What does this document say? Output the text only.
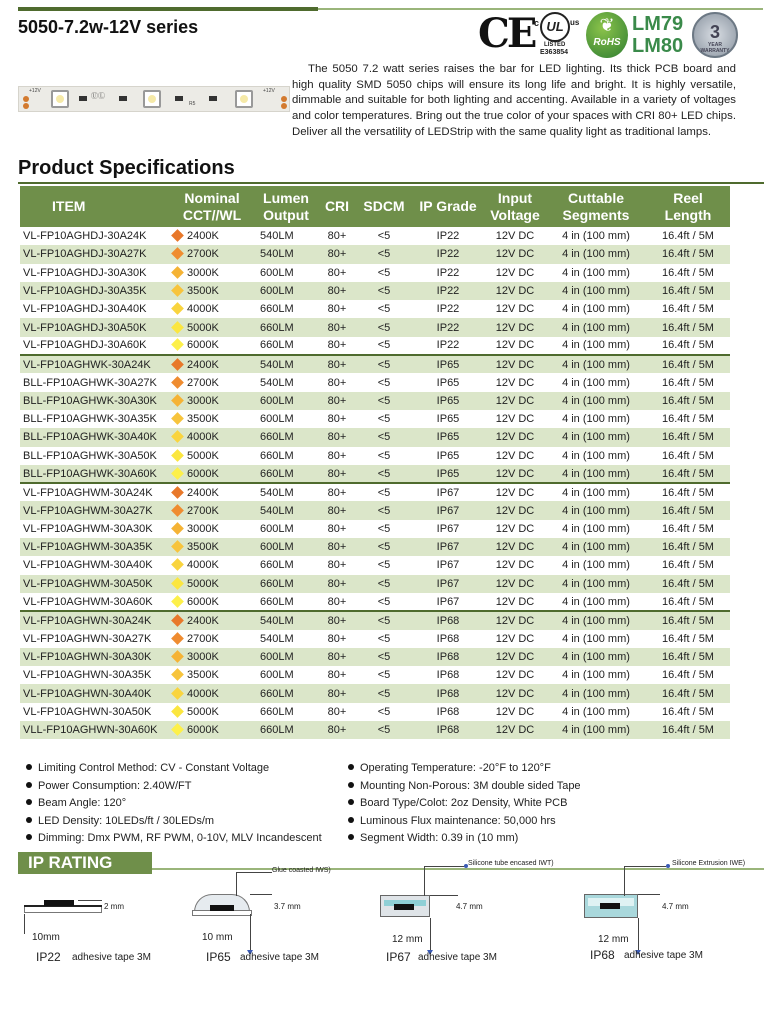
5050-7.2w-12V series	CE c UL us
LISTED
E363854
❦
RoHS
LM79
LM80
3
YEAR WARRANTY
+12V
ⓊⓁ
R5
+12V
The 5050 7.2 watt series raises the bar for LED lighting. Its thick PCB board and high quality SMD 5050 chips will ensure its long life and bright. It is highly versatile, dimmable and suitable for both lighting and accenting. Available in a variety of voltages and color temperatures. Bring out the true color of your spaces with CRI 80+ LED chips. Deliver all the versatility of LEDStrip with the same quality light as traditional lamps.
Product Specifications
ITEM	Nominal
CCT//WL	Lumen
Output	CRI	SDCM	IP Grade	Input
Voltage	Cuttable
Segments	Reel
Length
VL-FP10AGHDJ-30A24K	2400K	540LM	80+	<5	IP22	12V DC	4 in (100 mm)	16.4ft / 5M
VL-FP10AGHDJ-30A27K	2700K	540LM	80+	<5	IP22	12V DC	4 in (100 mm)	16.4ft / 5M
VL-FP10AGHDJ-30A30K	3000K	600LM	80+	<5	IP22	12V DC	4 in (100 mm)	16.4ft / 5M
VL-FP10AGHDJ-30A35K	3500K	600LM	80+	<5	IP22	12V DC	4 in (100 mm)	16.4ft / 5M
VL-FP10AGHDJ-30A40K	4000K	660LM	80+	<5	IP22	12V DC	4 in (100 mm)	16.4ft / 5M
VL-FP10AGHDJ-30A50K	5000K	660LM	80+	<5	IP22	12V DC	4 in (100 mm)	16.4ft / 5M
VL-FP10AGHDJ-30A60K	6000K	660LM	80+	<5	IP22	12V DC	4 in (100 mm)	16.4ft / 5M
VL-FP10AGHWK-30A24K	2400K	540LM	80+	<5	IP65	12V DC	4 in (100 mm)	16.4ft / 5M
BLL-FP10AGHWK-30A27K	2700K	540LM	80+	<5	IP65	12V DC	4 in (100 mm)	16.4ft / 5M
BLL-FP10AGHWK-30A30K	3000K	600LM	80+	<5	IP65	12V DC	4 in (100 mm)	16.4ft / 5M
BLL-FP10AGHWK-30A35K	3500K	600LM	80+	<5	IP65	12V DC	4 in (100 mm)	16.4ft / 5M
BLL-FP10AGHWK-30A40K	4000K	660LM	80+	<5	IP65	12V DC	4 in (100 mm)	16.4ft / 5M
BLL-FP10AGHWK-30A50K	5000K	660LM	80+	<5	IP65	12V DC	4 in (100 mm)	16.4ft / 5M
BLL-FP10AGHWK-30A60K	6000K	660LM	80+	<5	IP65	12V DC	4 in (100 mm)	16.4ft / 5M
VL-FP10AGHWM-30A24K	2400K	540LM	80+	<5	IP67	12V DC	4 in (100 mm)	16.4ft / 5M
VL-FP10AGHWM-30A27K	2700K	540LM	80+	<5	IP67	12V DC	4 in (100 mm)	16.4ft / 5M
VL-FP10AGHWM-30A30K	3000K	600LM	80+	<5	IP67	12V DC	4 in (100 mm)	16.4ft / 5M
VL-FP10AGHWM-30A35K	3500K	600LM	80+	<5	IP67	12V DC	4 in (100 mm)	16.4ft / 5M
VL-FP10AGHWM-30A40K	4000K	660LM	80+	<5	IP67	12V DC	4 in (100 mm)	16.4ft / 5M
VL-FP10AGHWM-30A50K	5000K	660LM	80+	<5	IP67	12V DC	4 in (100 mm)	16.4ft / 5M
VL-FP10AGHWM-30A60K	6000K	660LM	80+	<5	IP67	12V DC	4 in (100 mm)	16.4ft / 5M
VL-FP10AGHWN-30A24K	2400K	540LM	80+	<5	IP68	12V DC	4 in (100 mm)	16.4ft / 5M
VL-FP10AGHWN-30A27K	2700K	540LM	80+	<5	IP68	12V DC	4 in (100 mm)	16.4ft / 5M
VL-FP10AGHWN-30A30K	3000K	600LM	80+	<5	IP68	12V DC	4 in (100 mm)	16.4ft / 5M
VL-FP10AGHWN-30A35K	3500K	600LM	80+	<5	IP68	12V DC	4 in (100 mm)	16.4ft / 5M
VL-FP10AGHWN-30A40K	4000K	660LM	80+	<5	IP68	12V DC	4 in (100 mm)	16.4ft / 5M
VL-FP10AGHWN-30A50K	5000K	660LM	80+	<5	IP68	12V DC	4 in (100 mm)	16.4ft / 5M
VLL-FP10AGHWN-30A60K	6000K	660LM	80+	<5	IP68	12V DC	4 in (100 mm)	16.4ft / 5M
Limiting Control Method: CV - Constant Voltage
Power Consumption: 2.40W/FT
Beam Angle: 120°
LED Density: 10LEDs/ft / 30LEDs/m
Dimming: Dmx PWM, RF PWM, 0-10V, MLV Incandescent
Operating Temperature: -20°F to 120°F
Mounting Non-Porous: 3M double sided Tape
Board Type/Colot: 2oz Density, White PCB
Luminous Flux maintenance: 50,000 hrs
Segment Width: 0.39 in (10 mm)
IP RATING
2 mm
10mm
IP22 adhesive tape 3M
Glue coasted IWS)
3.7 mm
10 mm
IP65 adhesive tape 3M
Silicone tube encased IWT)
4.7 mm
12 mm
IP67 adhesive tape 3M
Silicone Extrusion IWE)
4.7 mm
12 mm
IP68 adhesive tape 3M
